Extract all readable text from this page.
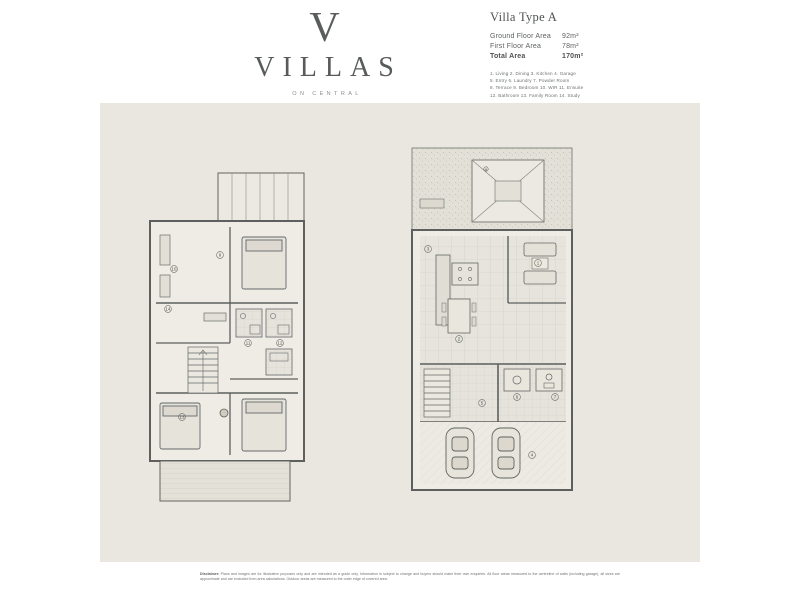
V
VILLAS
ON CENTRAL
Villa Type A
Ground Floor Area	92m²
First Floor Area	78m²
Total Area	170m²
1. Living 2. Dining 3. Kitchen 4. Garage
5. Entry 6. Laundry 7. Powder Room
8. Terrace 9. Bedroom 10. WIR 11. Ensuite
12. Bathroom 13. Family Room 14. Study
8
1
2
3
4
5
6	7
9
10
11	12
14
13
Disclaimer: Plans and images are for illustrative purposes only and are intended as a guide only. Information is subject to change and buyers should make their own enquiries. All floor areas measured to the centreline of walls (including garage), all sizes are approximate and are excluded from area calculations. Outdoor areas are measured to the outer edge of covered area.
